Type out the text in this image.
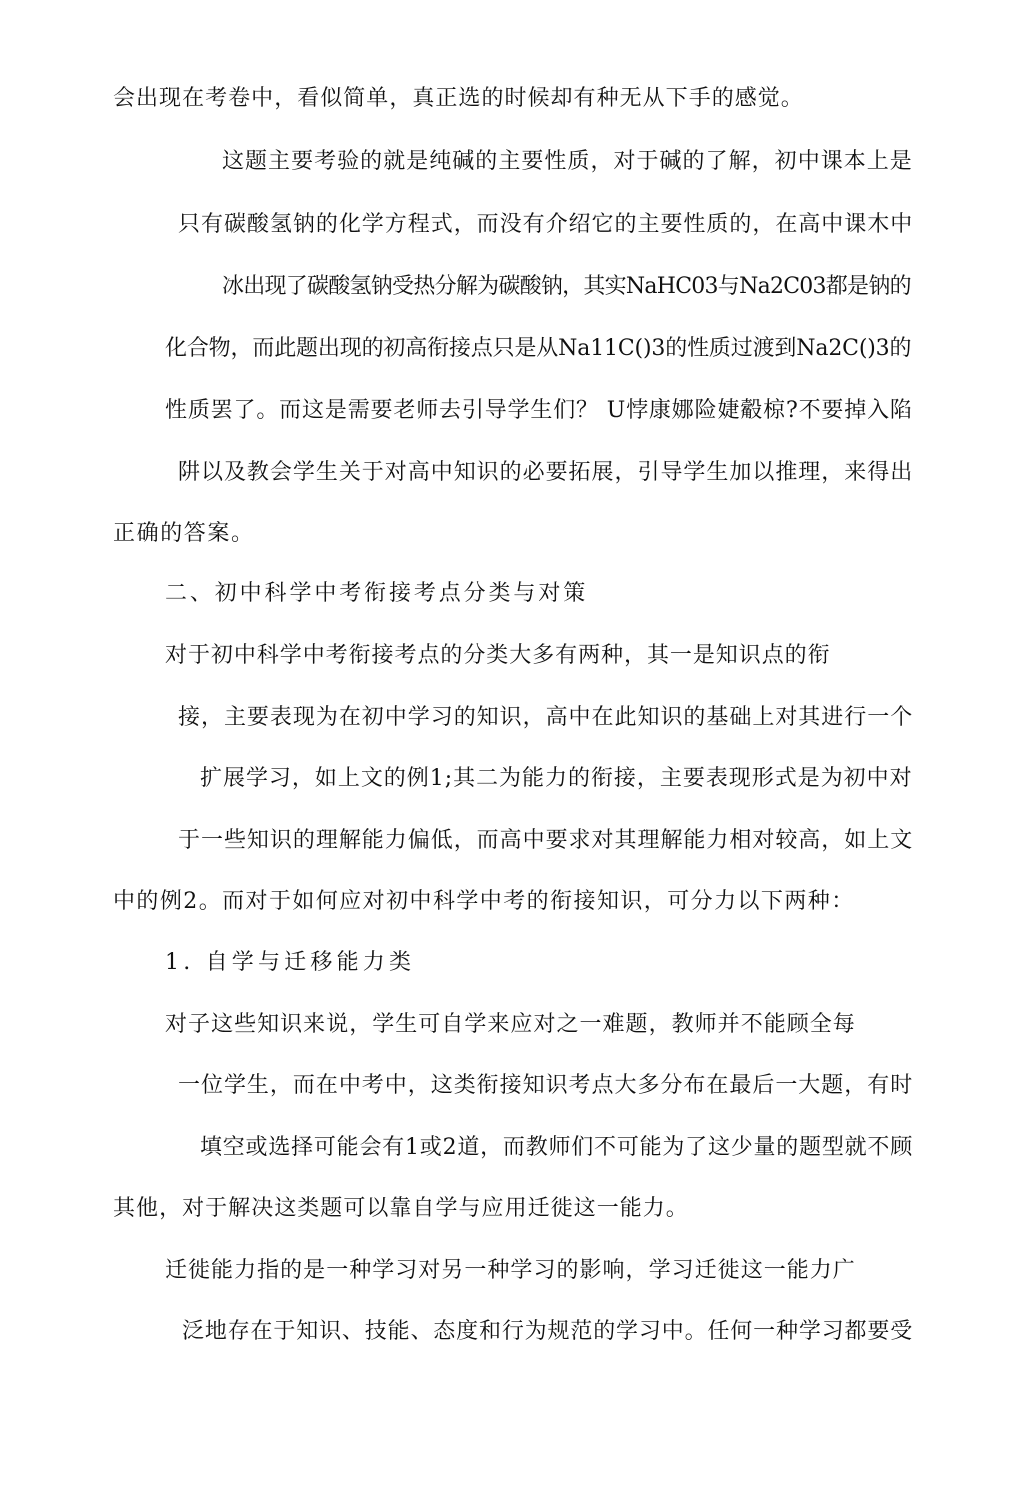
会出现在考卷中，看似简单，真正选的时候却有种无从下手的感觉。
这题主要考验的就是纯碱的主要性质，对于碱的了解，初中课本上是
只有碳酸氢钠的化学方程式，而没有介绍它的主要性质的，在高中课木中
冰出现了碳酸氢钠受热分解为碳酸钠，其实NaHC03与Na2C03都是钠的
化合物，而此题出现的初高衔接点只是从Na11C()3的性质过渡到Na2C()3的
性质罢了。而这是需要老师去引导学生们？ U悖康娜险婕觳椋?不要掉入陷
阱以及教会学生关于对高中知识的必要拓展，引导学生加以推理，来得出
正确的答案。
二、初中科学中考衔接考点分类与对策
对于初中科学中考衔接考点的分类大多有两种，其一是知识点的衔
接，主要表现为在初中学习的知识，高中在此知识的基础上对其进行一个
扩展学习，如上文的例1;其二为能力的衔接，主要表现形式是为初中对
于一些知识的理解能力偏低，而高中要求对其理解能力相对较高，如上文
中的例2。而对于如何应对初中科学中考的衔接知识，可分力以下两种：
1. 自学与迁移能力类
对子这些知识来说，学生可自学来应对之一难题，教师并不能顾全每
一位学生，而在中考中，这类衔接知识考点大多分布在最后一大题，有时
填空或选择可能会有1或2道，而教师们不可能为了这少量的题型就不顾
其他，对于解决这类题可以靠自学与应用迁徙这一能力。
迁徙能力指的是一种学习对另一种学习的影响，学习迁徙这一能力广
泛地存在于知识、技能、态度和行为规范的学习中。任何一种学习都要受
